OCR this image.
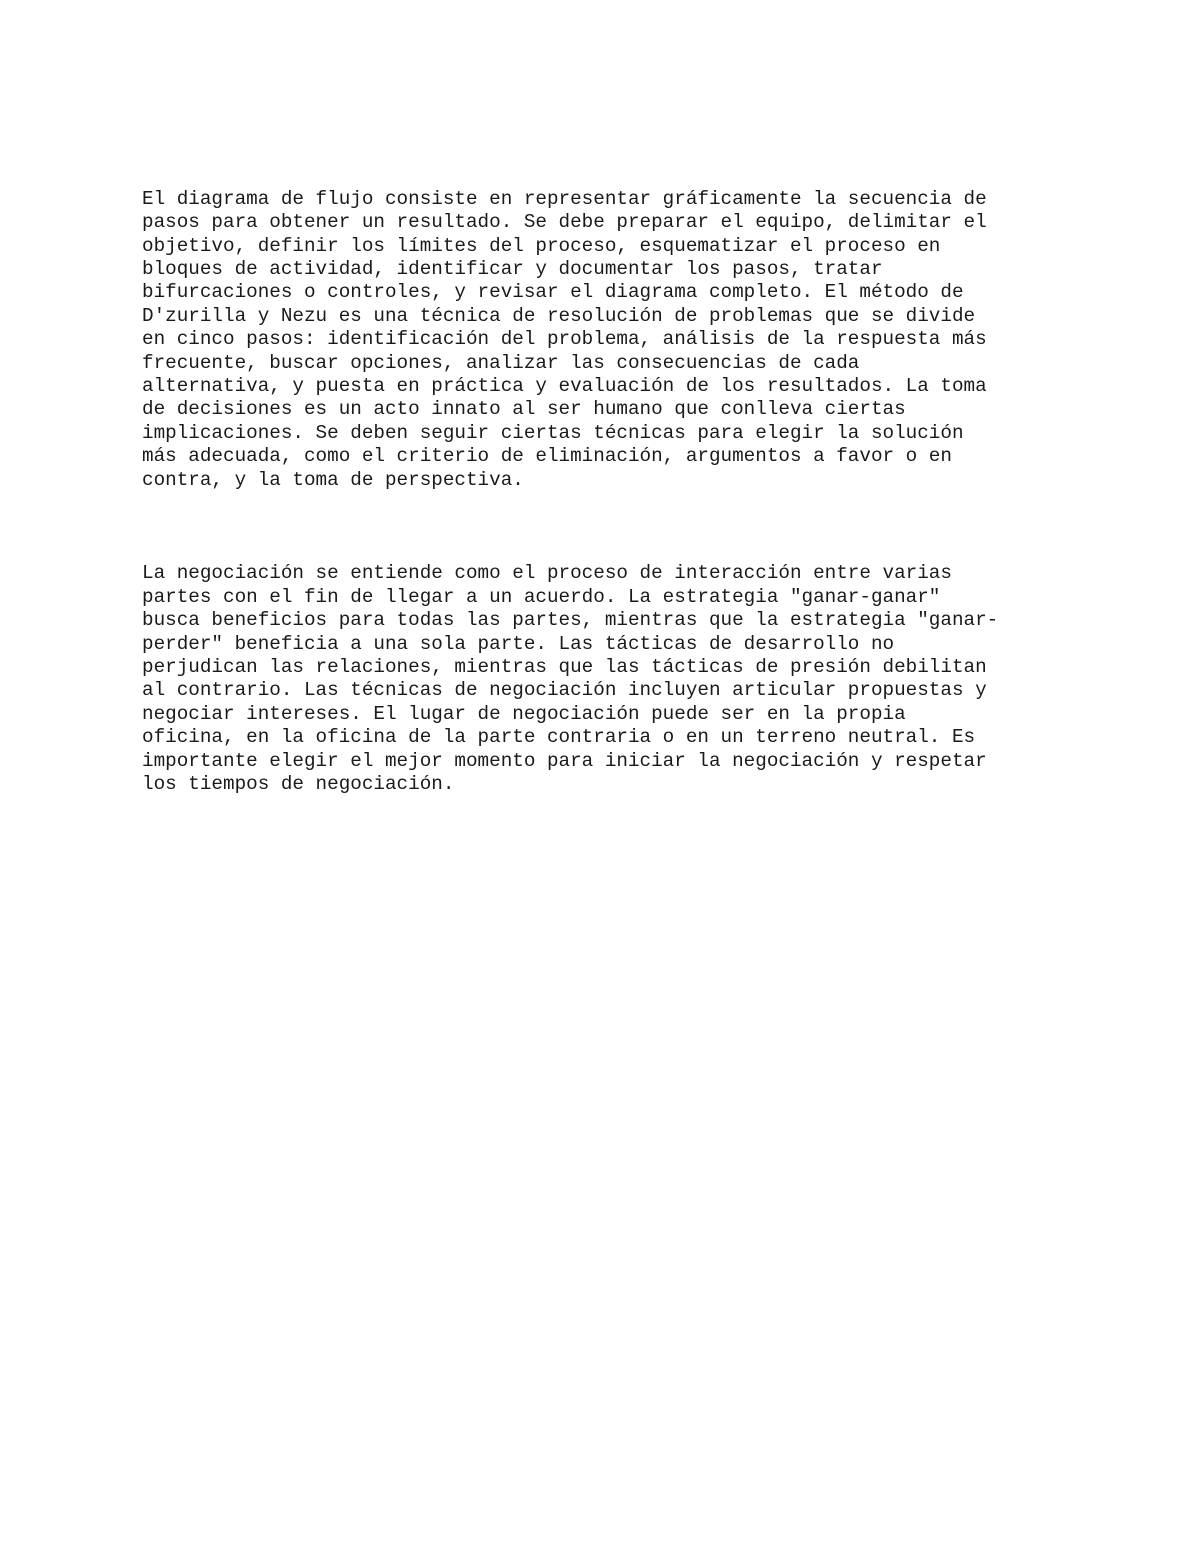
El diagrama de flujo consiste en representar gráficamente la secuencia de
pasos para obtener un resultado. Se debe preparar el equipo, delimitar el
objetivo, definir los límites del proceso, esquematizar el proceso en
bloques de actividad, identificar y documentar los pasos, tratar
bifurcaciones o controles, y revisar el diagrama completo. El método de
D'zurilla y Nezu es una técnica de resolución de problemas que se divide
en cinco pasos: identificación del problema, análisis de la respuesta más
frecuente, buscar opciones, analizar las consecuencias de cada
alternativa, y puesta en práctica y evaluación de los resultados. La toma
de decisiones es un acto innato al ser humano que conlleva ciertas
implicaciones. Se deben seguir ciertas técnicas para elegir la solución
más adecuada, como el criterio de eliminación, argumentos a favor o en
contra, y la toma de perspectiva.

La negociación se entiende como el proceso de interacción entre varias
partes con el fin de llegar a un acuerdo. La estrategia "ganar-ganar"
busca beneficios para todas las partes, mientras que la estrategia "ganar-
perder" beneficia a una sola parte. Las tácticas de desarrollo no
perjudican las relaciones, mientras que las tácticas de presión debilitan
al contrario. Las técnicas de negociación incluyen articular propuestas y
negociar intereses. El lugar de negociación puede ser en la propia
oficina, en la oficina de la parte contraria o en un terreno neutral. Es
importante elegir el mejor momento para iniciar la negociación y respetar
los tiempos de negociación.
